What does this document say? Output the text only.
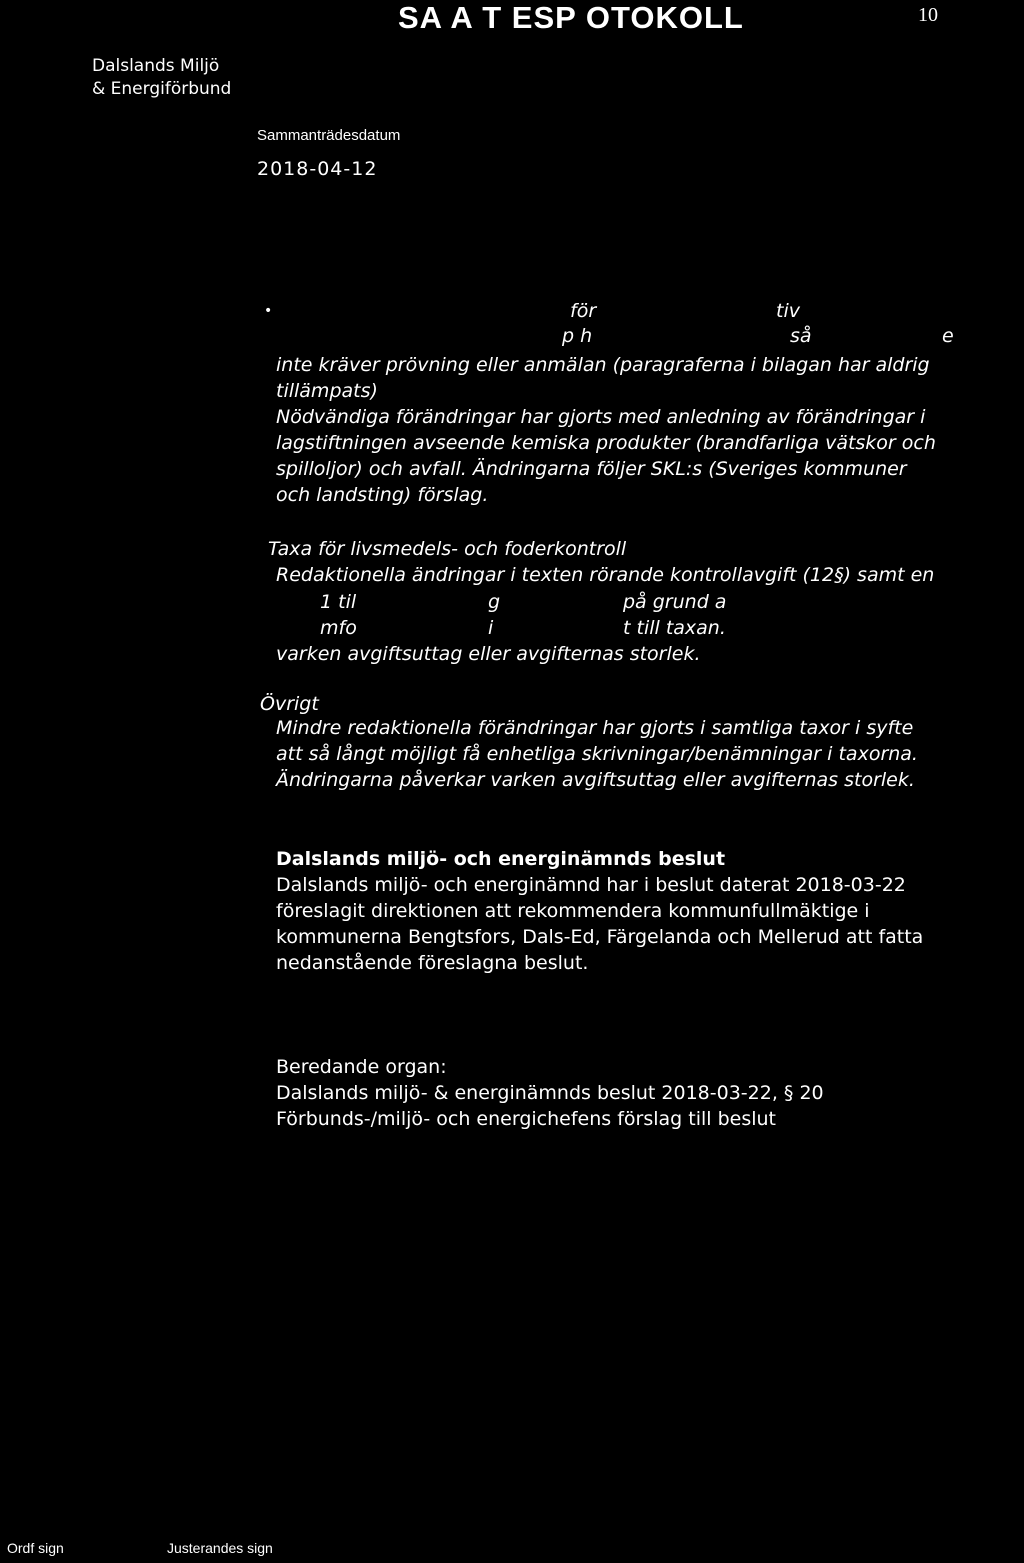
SA A T ESP OTOKOLL	10
Dalslands Miljö
& Energiförbund
Sammanträdesdatum
2018-04-12
•	för	tiv
p h	så	e
inte kräver prövning eller anmälan (paragraferna i bilagan har aldrig
tillämpats)
Nödvändiga förändringar har gjorts med anledning av förändringar i
lagstiftningen avseende kemiska produkter (brandfarliga vätskor och
spilloljor) och avfall. Ändringarna följer SKL:s (Sveriges kommuner
och landsting) förslag.
Taxa för livsmedels- och foderkontroll
Redaktionella ändringar i texten rörande kontrollavgift (12§) samt en
1 til	g	på grund a
mfo	i	t till taxan.
varken avgiftsuttag eller avgifternas storlek.
Övrigt
Mindre redaktionella förändringar har gjorts i samtliga taxor i syfte
att så långt möjligt få enhetliga skrivningar/benämningar i taxorna.
Ändringarna påverkar varken avgiftsuttag eller avgifternas storlek.
Dalslands miljö- och energinämnds beslut
Dalslands miljö- och energinämnd har i beslut daterat 2018-03-22
föreslagit direktionen att rekommendera kommunfullmäktige i
kommunerna Bengtsfors, Dals-Ed, Färgelanda och Mellerud att fatta
nedanstående föreslagna beslut.
Beredande organ:
Dalslands miljö- & energinämnds beslut 2018-03-22, § 20
Förbunds-/miljö- och energichefens förslag till beslut
Ordf sign	Justerandes sign
